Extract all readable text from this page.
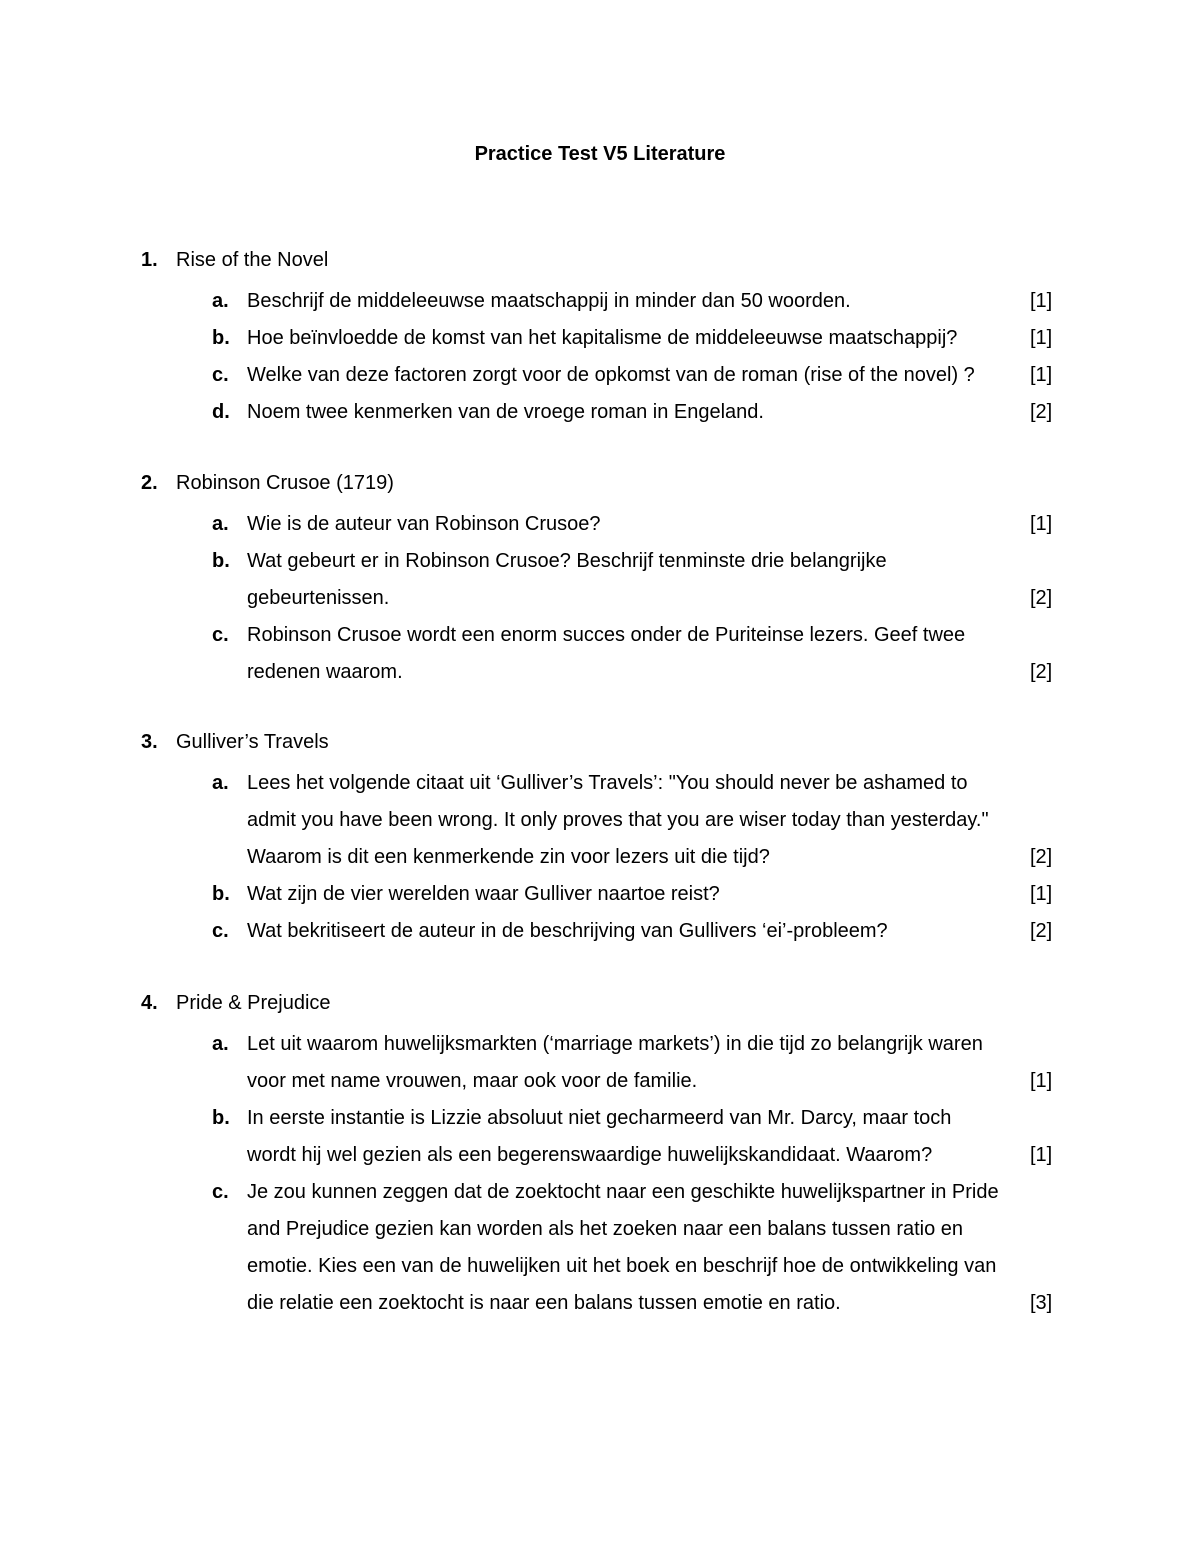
Practice Test V5 Literature
1. Rise of the Novel
a. Beschrijf de middeleeuwse maatschappij in minder dan 50 woorden.	[1]
b. Hoe beïnvloedde de komst van het kapitalisme de middeleeuwse maatschappij?	[1]
c. Welke van deze factoren zorgt voor de opkomst van de roman (rise of the novel) ?	[1]
d. Noem twee kenmerken van de vroege roman in Engeland.	[2]
2. Robinson Crusoe (1719)
a. Wie is de auteur van Robinson Crusoe?	[1]
b. Wat gebeurt er in Robinson Crusoe? Beschrijf tenminste drie belangrijke
gebeurtenissen.	[2]
c. Robinson Crusoe wordt een enorm succes onder de Puriteinse lezers. Geef twee
redenen waarom.	[2]
3. Gulliver’s Travels
a. Lees het volgende citaat uit ‘Gulliver’s Travels’: "You should never be ashamed to
admit you have been wrong. It only proves that you are wiser today than yesterday."
Waarom is dit een kenmerkende zin voor lezers uit die tijd?	[2]
b. Wat zijn de vier werelden waar Gulliver naartoe reist?	[1]
c. Wat bekritiseert de auteur in de beschrijving van Gullivers ‘ei’-probleem?	[2]
4. Pride & Prejudice
a. Let uit waarom huwelijksmarkten (‘marriage markets’) in die tijd zo belangrijk waren
voor met name vrouwen, maar ook voor de familie.	[1]
b. In eerste instantie is Lizzie absoluut niet gecharmeerd van Mr. Darcy, maar toch
wordt hij wel gezien als een begerenswaardige huwelijkskandidaat. Waarom?	[1]
c. Je zou kunnen zeggen dat de zoektocht naar een geschikte huwelijkspartner in Pride
and Prejudice gezien kan worden als het zoeken naar een balans tussen ratio en
emotie. Kies een van de huwelijken uit het boek en beschrijf hoe de ontwikkeling van
die relatie een zoektocht is naar een balans tussen emotie en ratio.	[3]
